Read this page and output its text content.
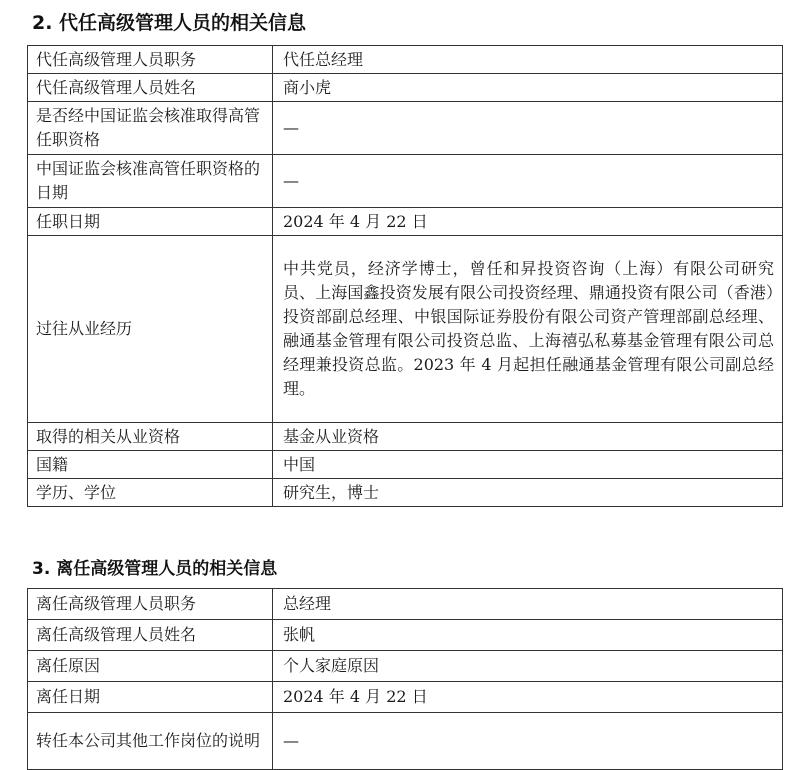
2. 代任高级管理人员的相关信息
代任高级管理人员职务	代任总经理
代任高级管理人员姓名	商小虎
是否经中国证监会核准取得高管任职资格	—
中国证监会核准高管任职资格的日期	—
任职日期	2024 年 4 月 22 日
过往从业经历	中共党员，经济学博士，曾任和昇投资咨询（上海）有限公司研究员、上海国鑫投资发展有限公司投资经理、鼎通投资有限公司（香港）投资部副总经理、中银国际证券股份有限公司资产管理部副总经理、融通基金管理有限公司投资总监、上海禧弘私募基金管理有限公司总经理兼投资总监。2023 年 4 月起担任融通基金管理有限公司副总经理。
取得的相关从业资格	基金从业资格
国籍	中国
学历、学位	研究生，博士
3. 离任高级管理人员的相关信息
离任高级管理人员职务	总经理
离任高级管理人员姓名	张帆
离任原因	个人家庭原因
离任日期	2024 年 4 月 22 日
转任本公司其他工作岗位的说明	—
